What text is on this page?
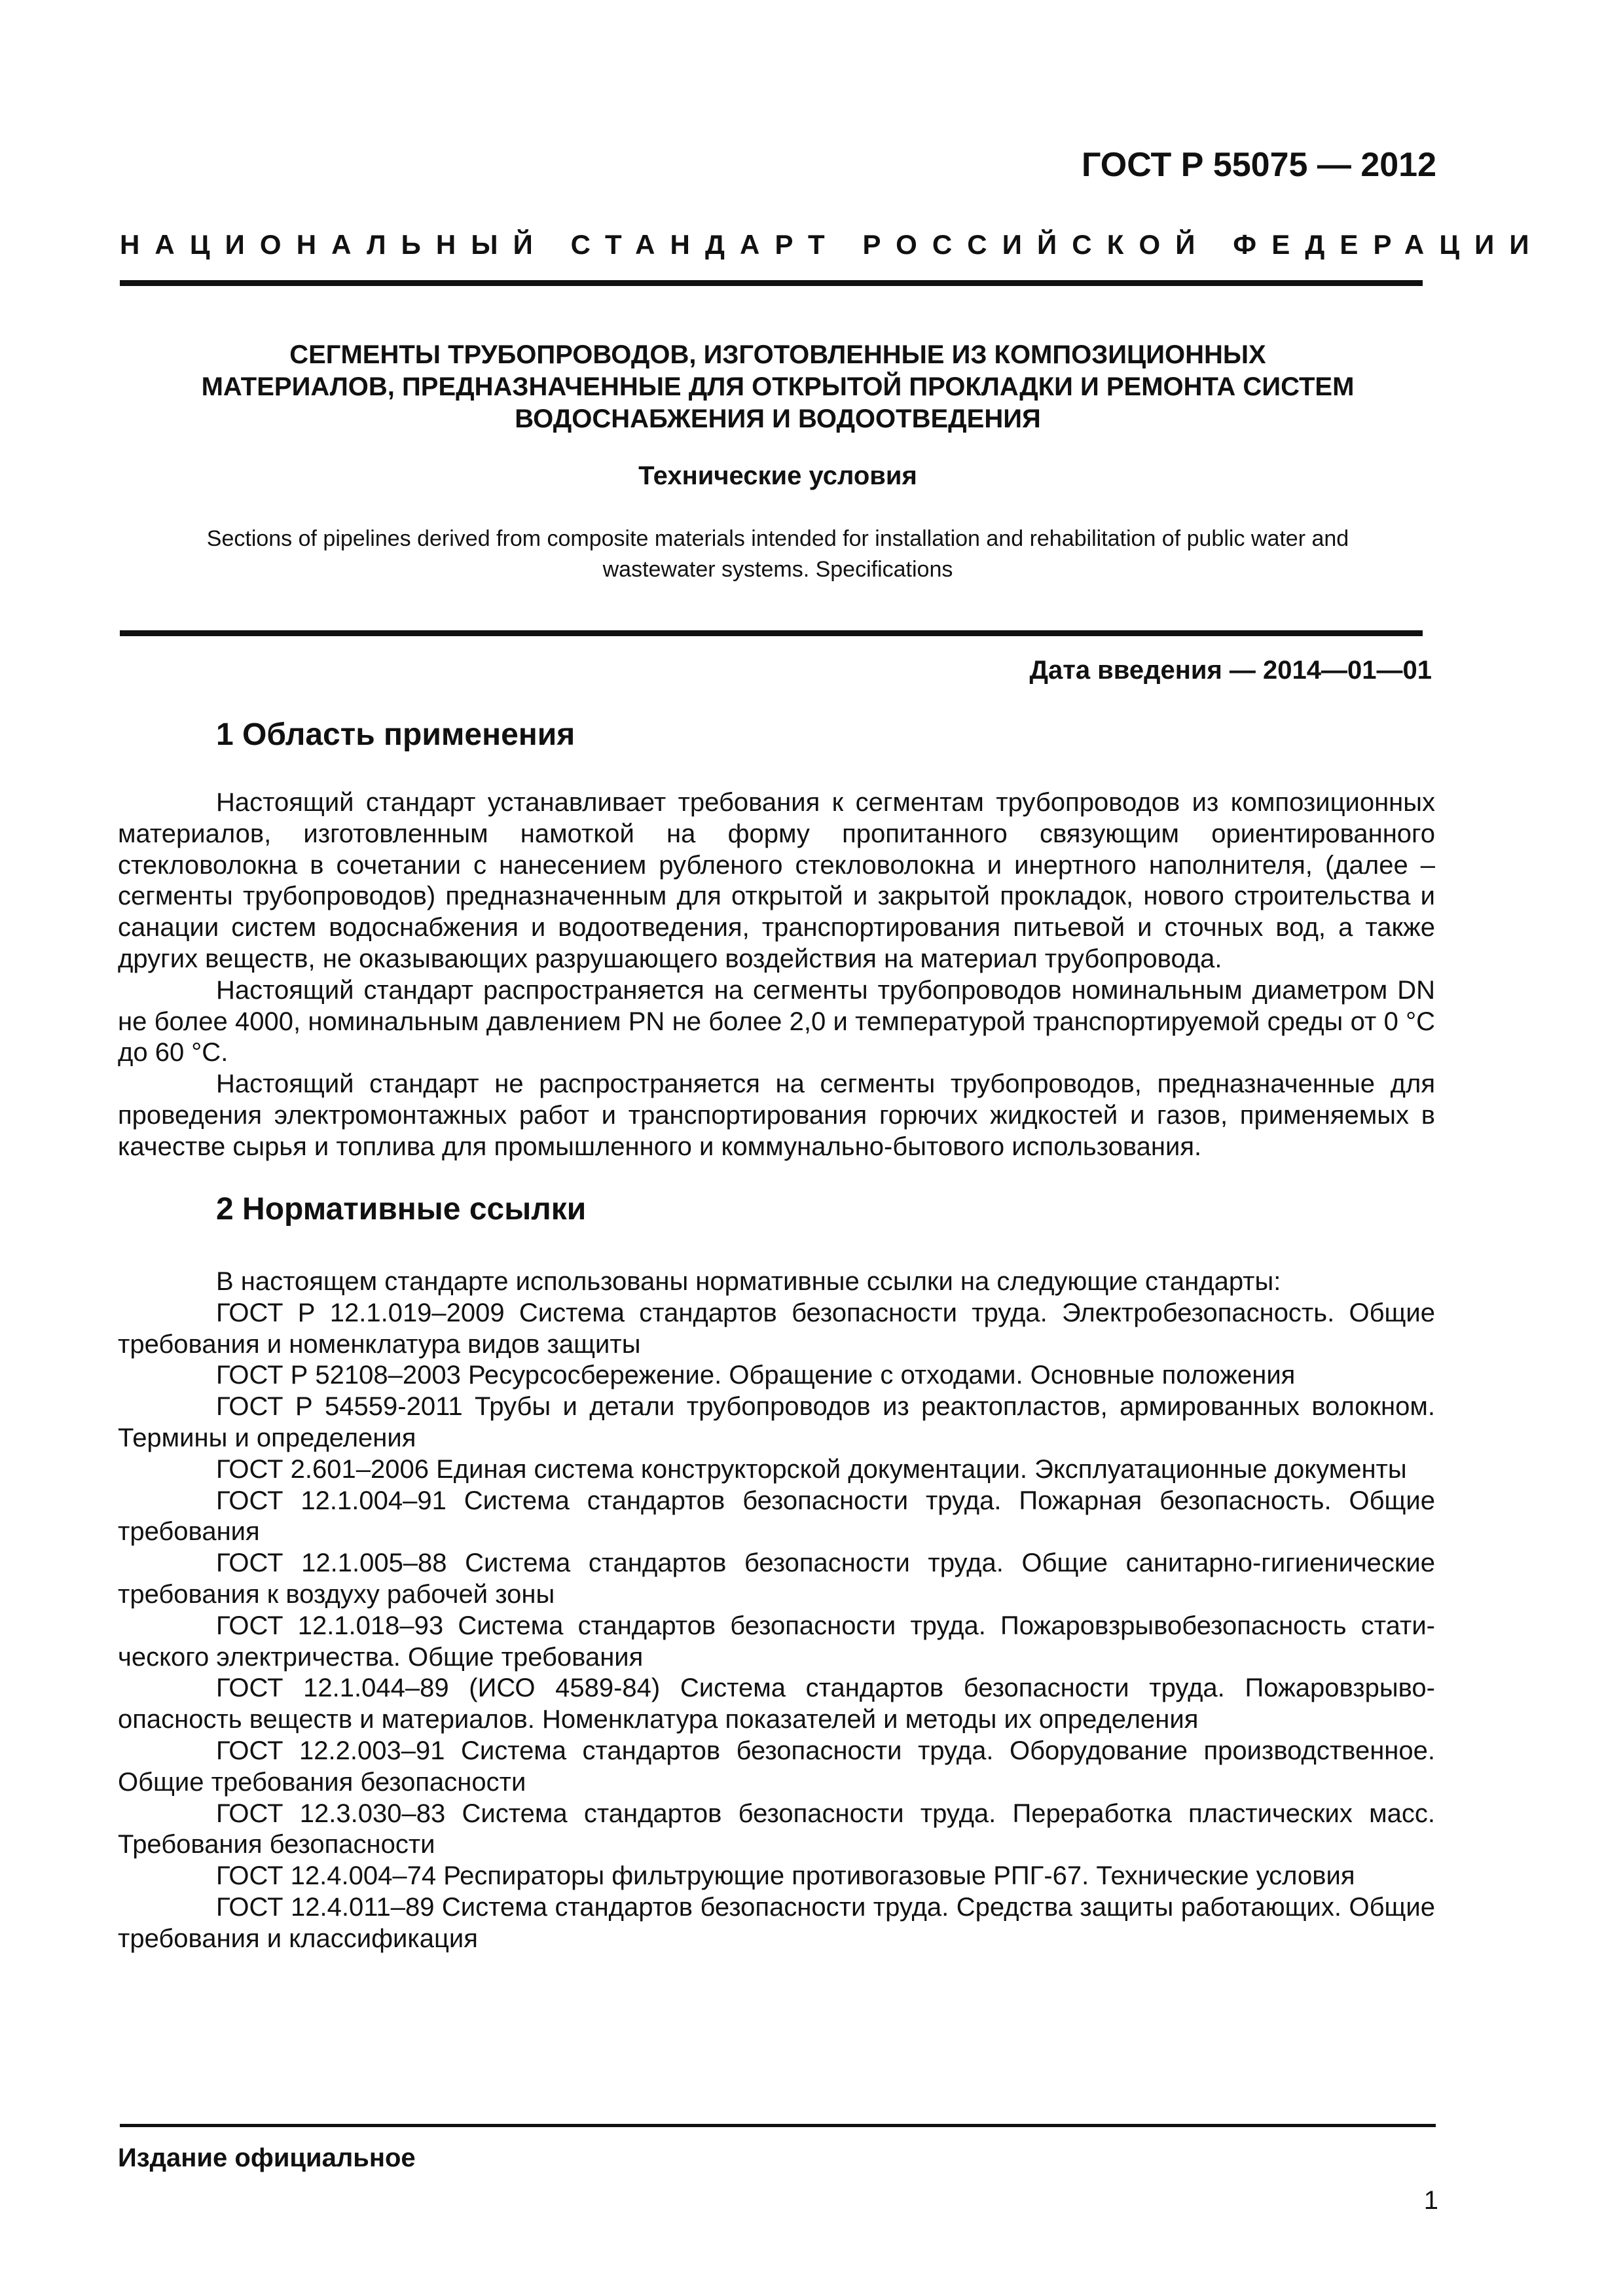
ГОСТ Р 55075 — 2012
НАЦИОНАЛЬНЫЙ СТАНДАРТ РОССИЙСКОЙ ФЕДЕРАЦИИ
СЕГМЕНТЫ ТРУБОПРОВОДОВ, ИЗГОТОВЛЕННЫЕ ИЗ КОМПОЗИЦИОННЫХ
МАТЕРИАЛОВ, ПРЕДНАЗНАЧЕННЫЕ ДЛЯ ОТКРЫТОЙ ПРОКЛАДКИ И РЕМОНТА СИСТЕМ
ВОДОСНАБЖЕНИЯ И ВОДООТВЕДЕНИЯ
Технические условия
Sections of pipelines derived from composite materials intended for installation and rehabilitation of public water and
wastewater systems. Specifications
Дата введения — 2014—01—01
1 Область применения

Настоящий стандарт устанавливает требования к сегментам трубопроводов из композиционных материалов, изготовленным намоткой на форму пропитанного связующим ориентированного стекловолокна в сочетании с нанесением рубленого стекловолокна и инертного наполнителя, (далее – сегменты трубопроводов) предназначенным для открытой и закрытой прокладок, нового строительства и санации систем водоснабжения и водоотведения, транспортирования питьевой и сточных вод, а также других веществ, не оказывающих разрушающего воздействия на материал трубопровода.

Настоящий стандарт распространяется на сегменты трубопроводов номинальным диаметром DN не более 4000, номинальным давлением PN не более 2,0 и температурой транспортируемой среды от 0 °С до 60 °С.

Настоящий стандарт не распространяется на сегменты трубопроводов, предназначенные для проведения электромонтажных работ и транспортирования горючих жидкостей и газов, применяемых в качестве сырья и топлива для промышленного и коммунально-бытового использования.

2 Нормативные ссылки

В настоящем стандарте использованы нормативные ссылки на следующие стандарты:

ГОСТ Р 12.1.019–2009 Система стандартов безопасности труда. Электробезопасность. Общие требования и номенклатура видов защиты

ГОСТ Р 52108–2003 Ресурсосбережение. Обращение с отходами. Основные положения

ГОСТ Р 54559-2011 Трубы и детали трубопроводов из реактопластов, армированных волокном. Термины и определения

ГОСТ 2.601–2006 Единая система конструкторской документации. Эксплуатационные документы

ГОСТ 12.1.004–91 Система стандартов безопасности труда. Пожарная безопасность. Общие требования

ГОСТ 12.1.005–88 Система стандартов безопасности труда. Общие санитарно-гигиенические требования к воздуху рабочей зоны

ГОСТ 12.1.018–93 Система стандартов безопасности труда. Пожаровзрывобезопасность статического электричества. Общие требования

ГОСТ 12.1.044–89 (ИСО 4589-84) Система стандартов безопасности труда. Пожаровзрывоопасность веществ и материалов. Номенклатура показателей и методы их определения

ГОСТ 12.2.003–91 Система стандартов безопасности труда. Оборудование производственное. Общие требования безопасности

ГОСТ 12.3.030–83 Система стандартов безопасности труда. Переработка пластических масс. Требования безопасности

ГОСТ 12.4.004–74 Респираторы фильтрующие противогазовые РПГ-67. Технические условия

ГОСТ 12.4.011–89 Система стандартов безопасности труда. Средства защиты работающих. Общие требования и классификация

Издание официальное
1
